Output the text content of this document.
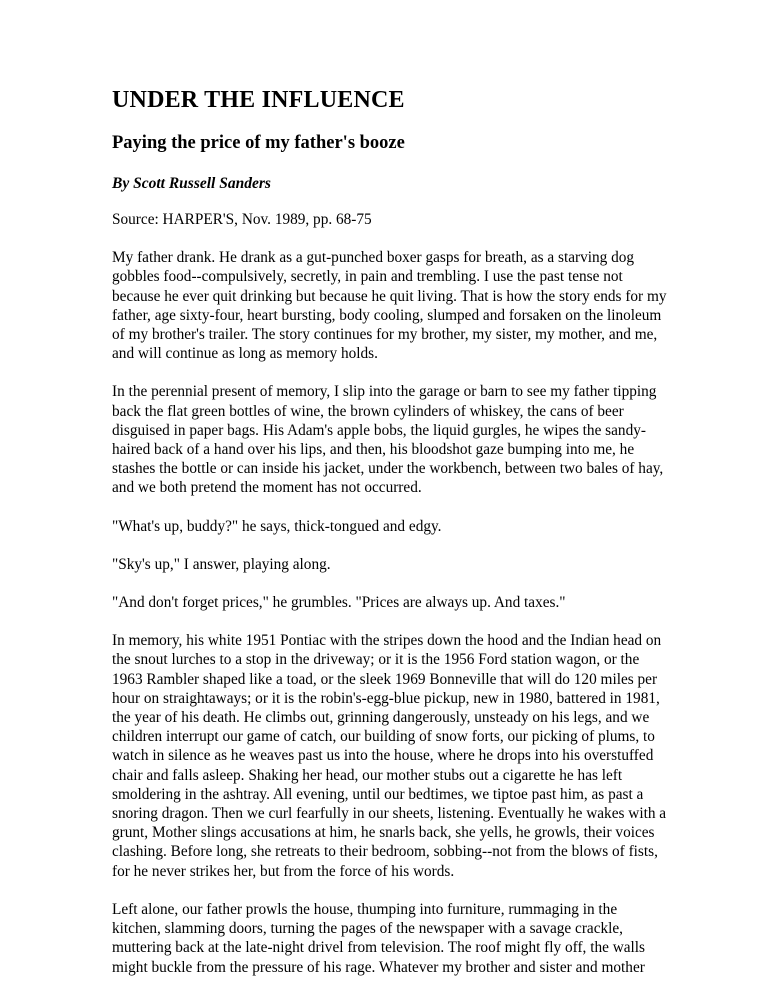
UNDER THE INFLUENCE
Paying the price of my father's booze

By Scott Russell Sanders

Source: HARPER'S, Nov. 1989, pp. 68-75

My father drank. He drank as a gut-punched boxer gasps for breath, as a starving dog gobbles food--compulsively, secretly, in pain and trembling. I use the past tense not because he ever quit drinking but because he quit living. That is how the story ends for my father, age sixty-four, heart bursting, body cooling, slumped and forsaken on the linoleum of my brother's trailer. The story continues for my brother, my sister, my mother, and me, and will continue as long as memory holds.

In the perennial present of memory, I slip into the garage or barn to see my father tipping back the flat green bottles of wine, the brown cylinders of whiskey, the cans of beer disguised in paper bags. His Adam's apple bobs, the liquid gurgles, he wipes the sandy-haired back of a hand over his lips, and then, his bloodshot gaze bumping into me, he stashes the bottle or can inside his jacket, under the workbench, between two bales of hay, and we both pretend the moment has not occurred.

"What's up, buddy?" he says, thick-tongued and edgy.

"Sky's up," I answer, playing along.

"And don't forget prices," he grumbles. "Prices are always up. And taxes."

In memory, his white 1951 Pontiac with the stripes down the hood and the Indian head on the snout lurches to a stop in the driveway; or it is the 1956 Ford station wagon, or the 1963 Rambler shaped like a toad, or the sleek 1969 Bonneville that will do 120 miles per hour on straightaways; or it is the robin's-egg-blue pickup, new in 1980, battered in 1981, the year of his death. He climbs out, grinning dangerously, unsteady on his legs, and we children interrupt our game of catch, our building of snow forts, our picking of plums, to watch in silence as he weaves past us into the house, where he drops into his overstuffed chair and falls asleep. Shaking her head, our mother stubs out a cigarette he has left smoldering in the ashtray. All evening, until our bedtimes, we tiptoe past him, as past a snoring dragon. Then we curl fearfully in our sheets, listening. Eventually he wakes with a grunt, Mother slings accusations at him, he snarls back, she yells, he growls, their voices clashing. Before long, she retreats to their bedroom, sobbing--not from the blows of fists, for he never strikes her, but from the force of his words.

Left alone, our father prowls the house, thumping into furniture, rummaging in the kitchen, slamming doors, turning the pages of the newspaper with a savage crackle, muttering back at the late-night drivel from television. The roof might fly off, the walls might buckle from the pressure of his rage. Whatever my brother and sister and mother
